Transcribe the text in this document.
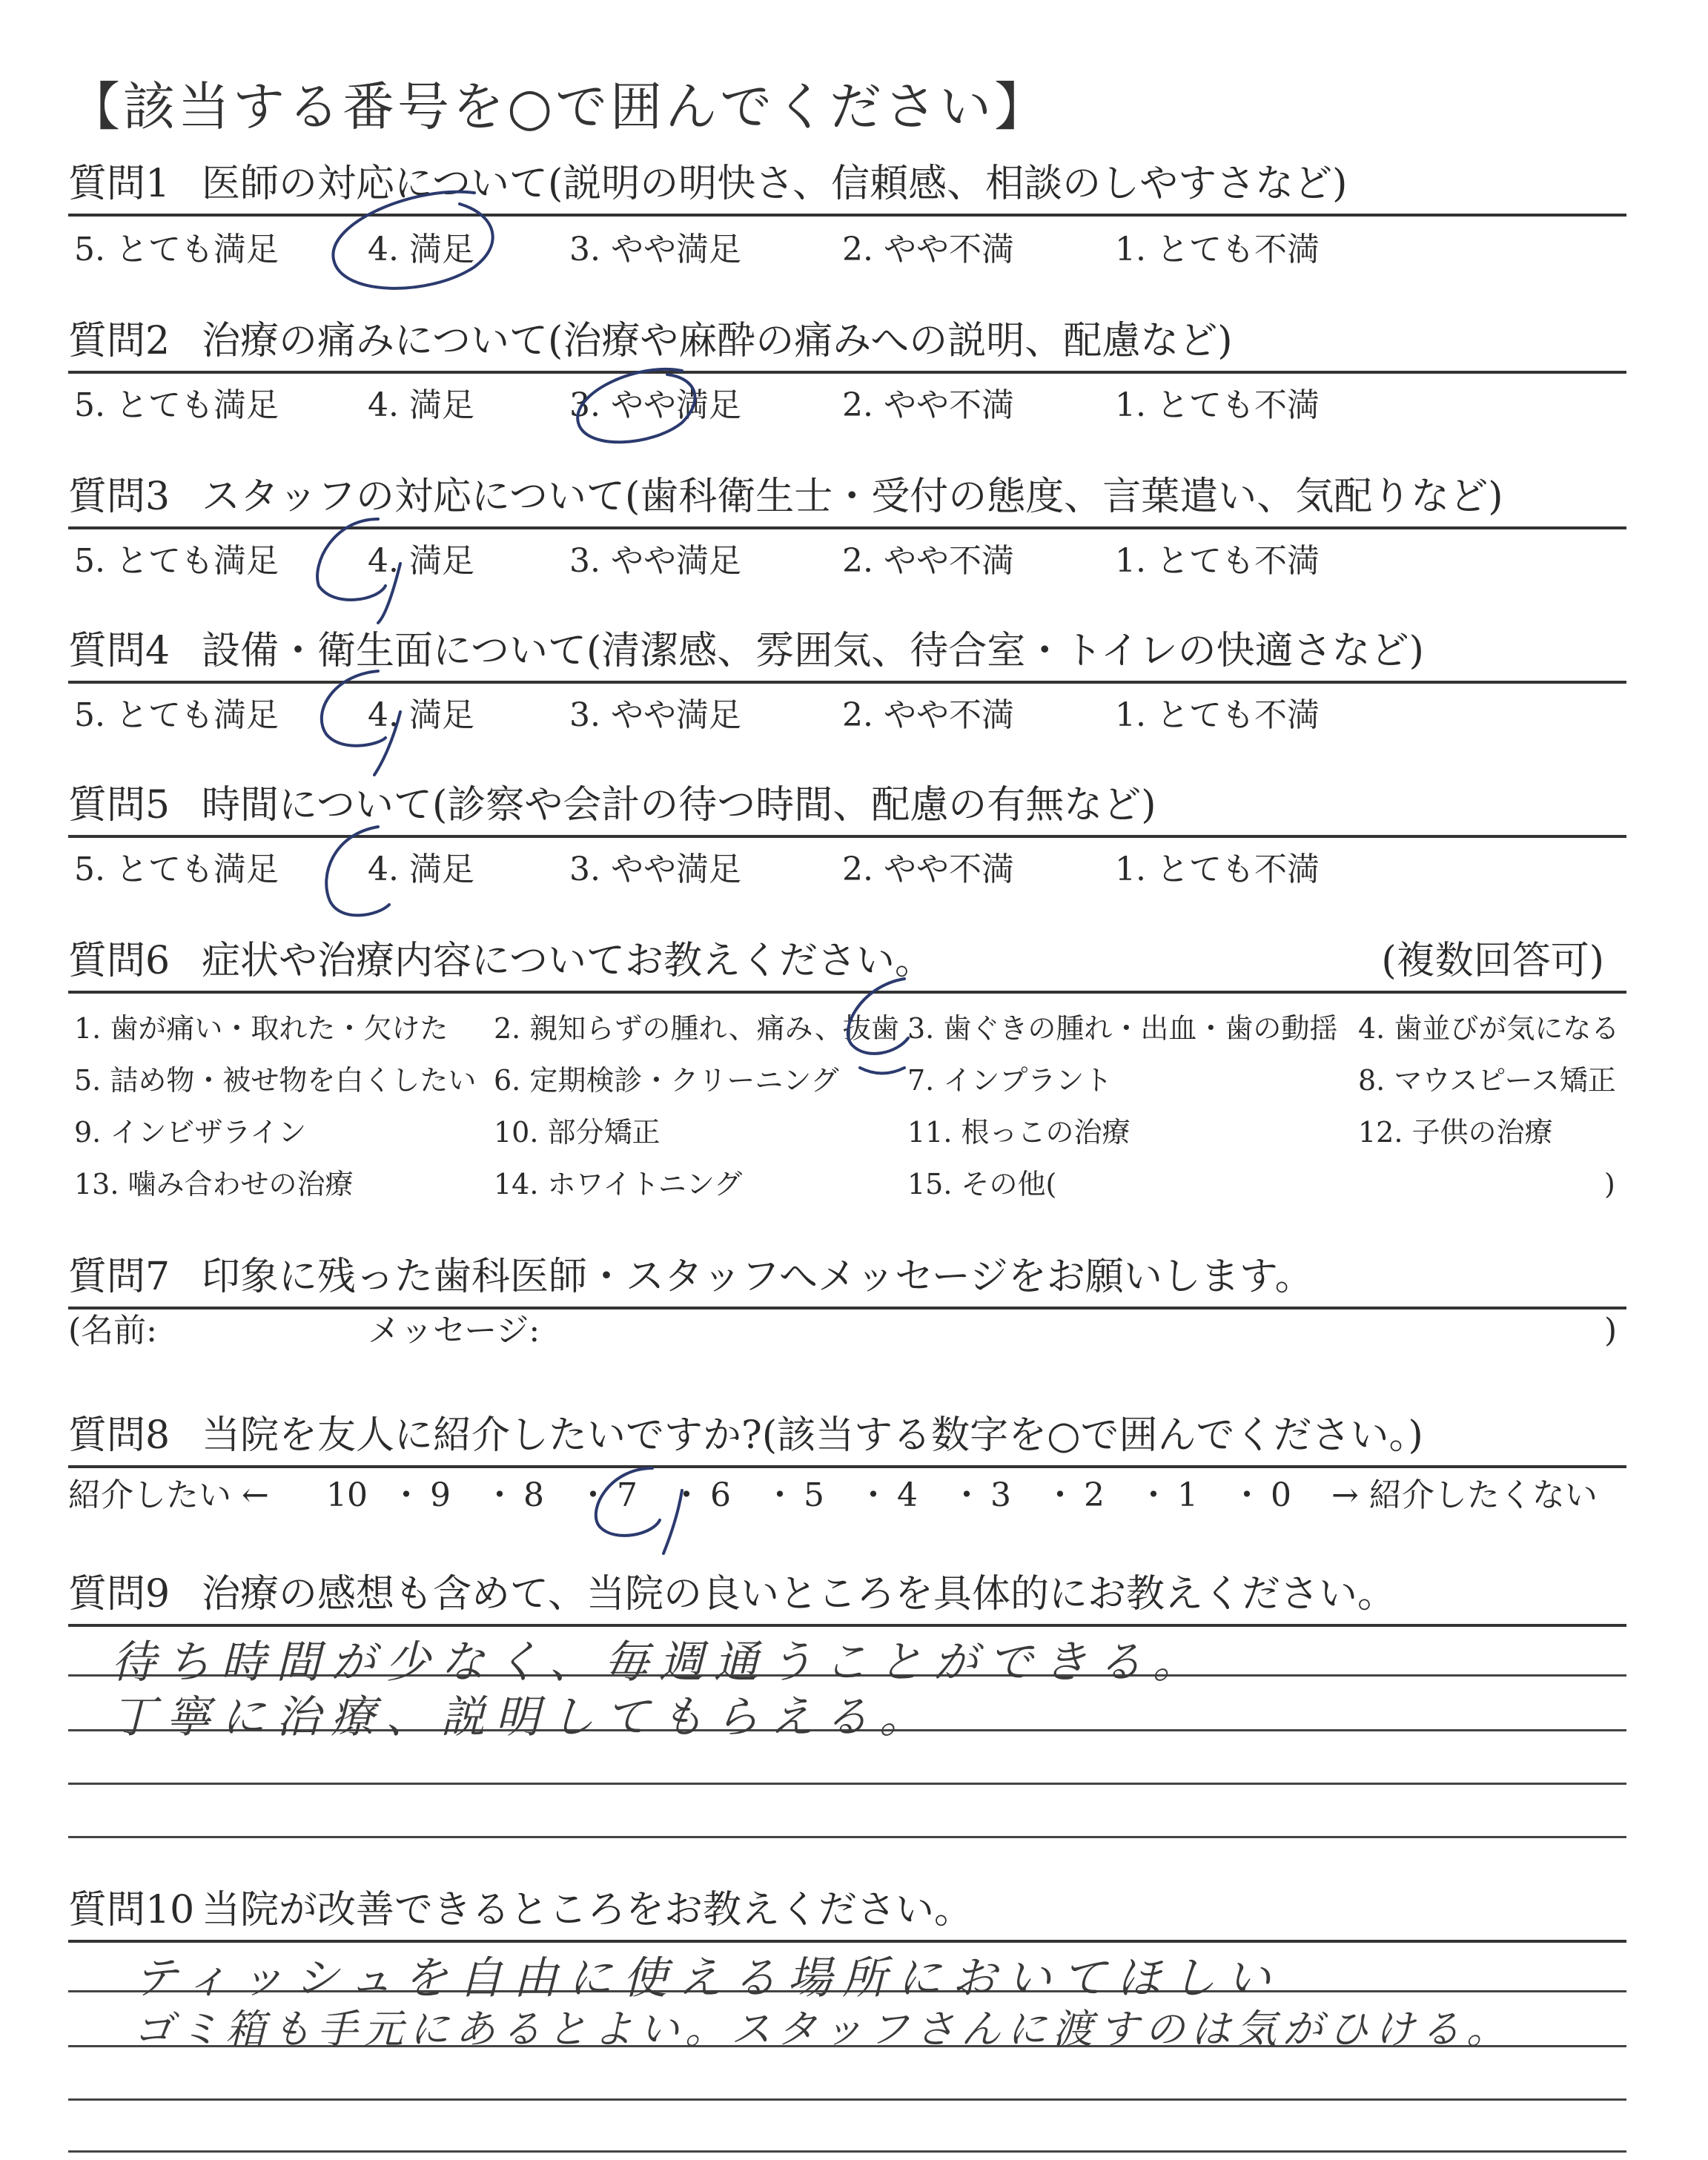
【該当する番号を○で囲んでください】
質問1 医師の対応について(説明の明快さ、信頼感、相談のしやすさなど)
5. とても満足	4. 満足	3. やや満足	2. やや不満	1. とても不満
質問2 治療の痛みについて(治療や麻酔の痛みへの説明、配慮など)
5. とても満足	4. 満足	3. やや満足	2. やや不満	1. とても不満
質問3 スタッフの対応について(歯科衛生士・受付の態度、言葉遣い、気配りなど)
5. とても満足	4. 満足	3. やや満足	2. やや不満	1. とても不満
質問4 設備・衛生面について(清潔感、雰囲気、待合室・トイレの快適さなど)
5. とても満足	4. 満足	3. やや満足	2. やや不満	1. とても不満
質問5 時間について(診察や会計の待つ時間、配慮の有無など)
5. とても満足	4. 満足	3. やや満足	2. やや不満	1. とても不満
質問6 症状や治療内容についてお教えください。	(複数回答可)
1. 歯が痛い・取れた・欠けた 2. 親知らずの腫れ、痛み、抜歯 3. 歯ぐきの腫れ・出血・歯の動揺 4. 歯並びが気になる
5. 詰め物・被せ物を白くしたい 6. 定期検診・クリーニング 7. インプラント	8. マウスピース矯正
9. インビザライン	10. 部分矯正	11. 根っこの治療	12. 子供の治療
13. 噛み合わせの治療	14. ホワイトニング	15. その他(	)
質問7 印象に残った歯科医師・スタッフへメッセージをお願いします。
(名前:	メッセージ:	)
質問8 当院を友人に紹介したいですか?(該当する数字を○で囲んでください。)
紹介したい ← 10 ・ 9 ・ 8 ・ 7 ・ 6 ・ 5 ・ 4 ・ 3 ・ 2 ・ 1 ・ 0 → 紹介したくない
質問9 治療の感想も含めて、当院の良いところを具体的にお教えください。
待ち時間が少なく、毎週通うことができる。
丁寧に治療、説明してもらえる。
質問10 当院が改善できるところをお教えください。
ティッシュを自由に使える場所においてほしい
ゴミ箱も手元にあるとよい。スタッフさんに渡すのは気がひける。
